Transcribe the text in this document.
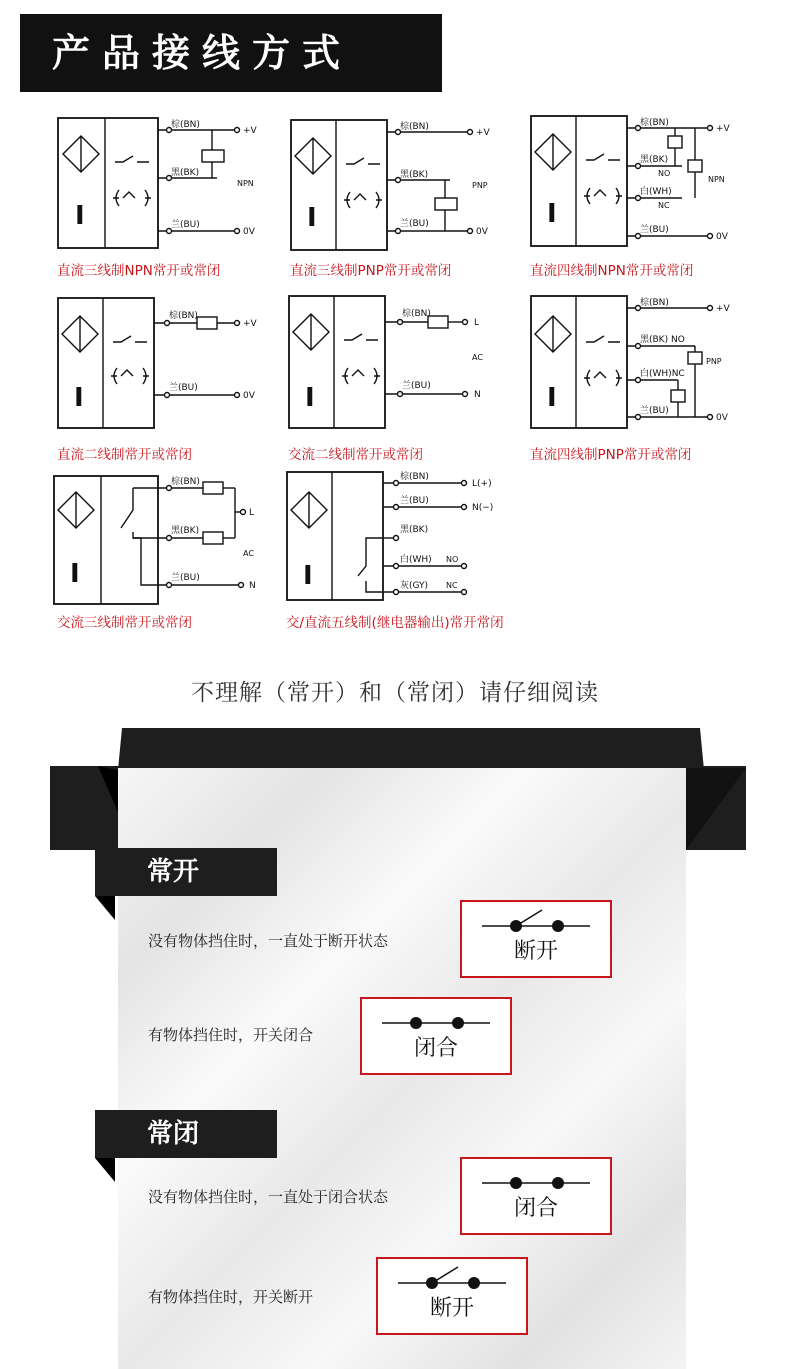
产品接线方式
I
棕(BN)
黑(BK)
兰(BU)
+V
NPN
0V
直流三线制NPN常开或常闭
I
棕(BN)
黑(BK)
兰(BU)
+V
PNP
0V
直流三线制PNP常开或常闭
I
棕(BN)
黑(BK)
NO
白(WH)
NC
兰(BU)
+V
NPN
0V
直流四线制NPN常开或常闭
I
棕(BN)
兰(BU)
+V
0V
直流二线制常开或常闭
I
棕(BN)
兰(BU)
L
AC
N
交流二线制常开或常闭
I
棕(BN)
黑(BK) NO
白(WH)NC
兰(BU)
+V
PNP
0V
直流四线制PNP常开或常闭
I
棕(BN)
黑(BK)
兰(BU)
L
AC
N
交流三线制常开或常闭
I
棕(BN)
兰(BU)
黑(BK)
白(WH) NO
灰(GY) NC
L(+)
N(−)
交/直流五线制(继电器输出)常开常闭
不理解（常开）和（常闭）请仔细阅读
常开
没有物体挡住时，一直处于断开状态	断开
有物体挡住时，开关闭合
闭合
常闭
没有物体挡住时，一直处于闭合状态	闭合
有物体挡住时，开关断开	断开
